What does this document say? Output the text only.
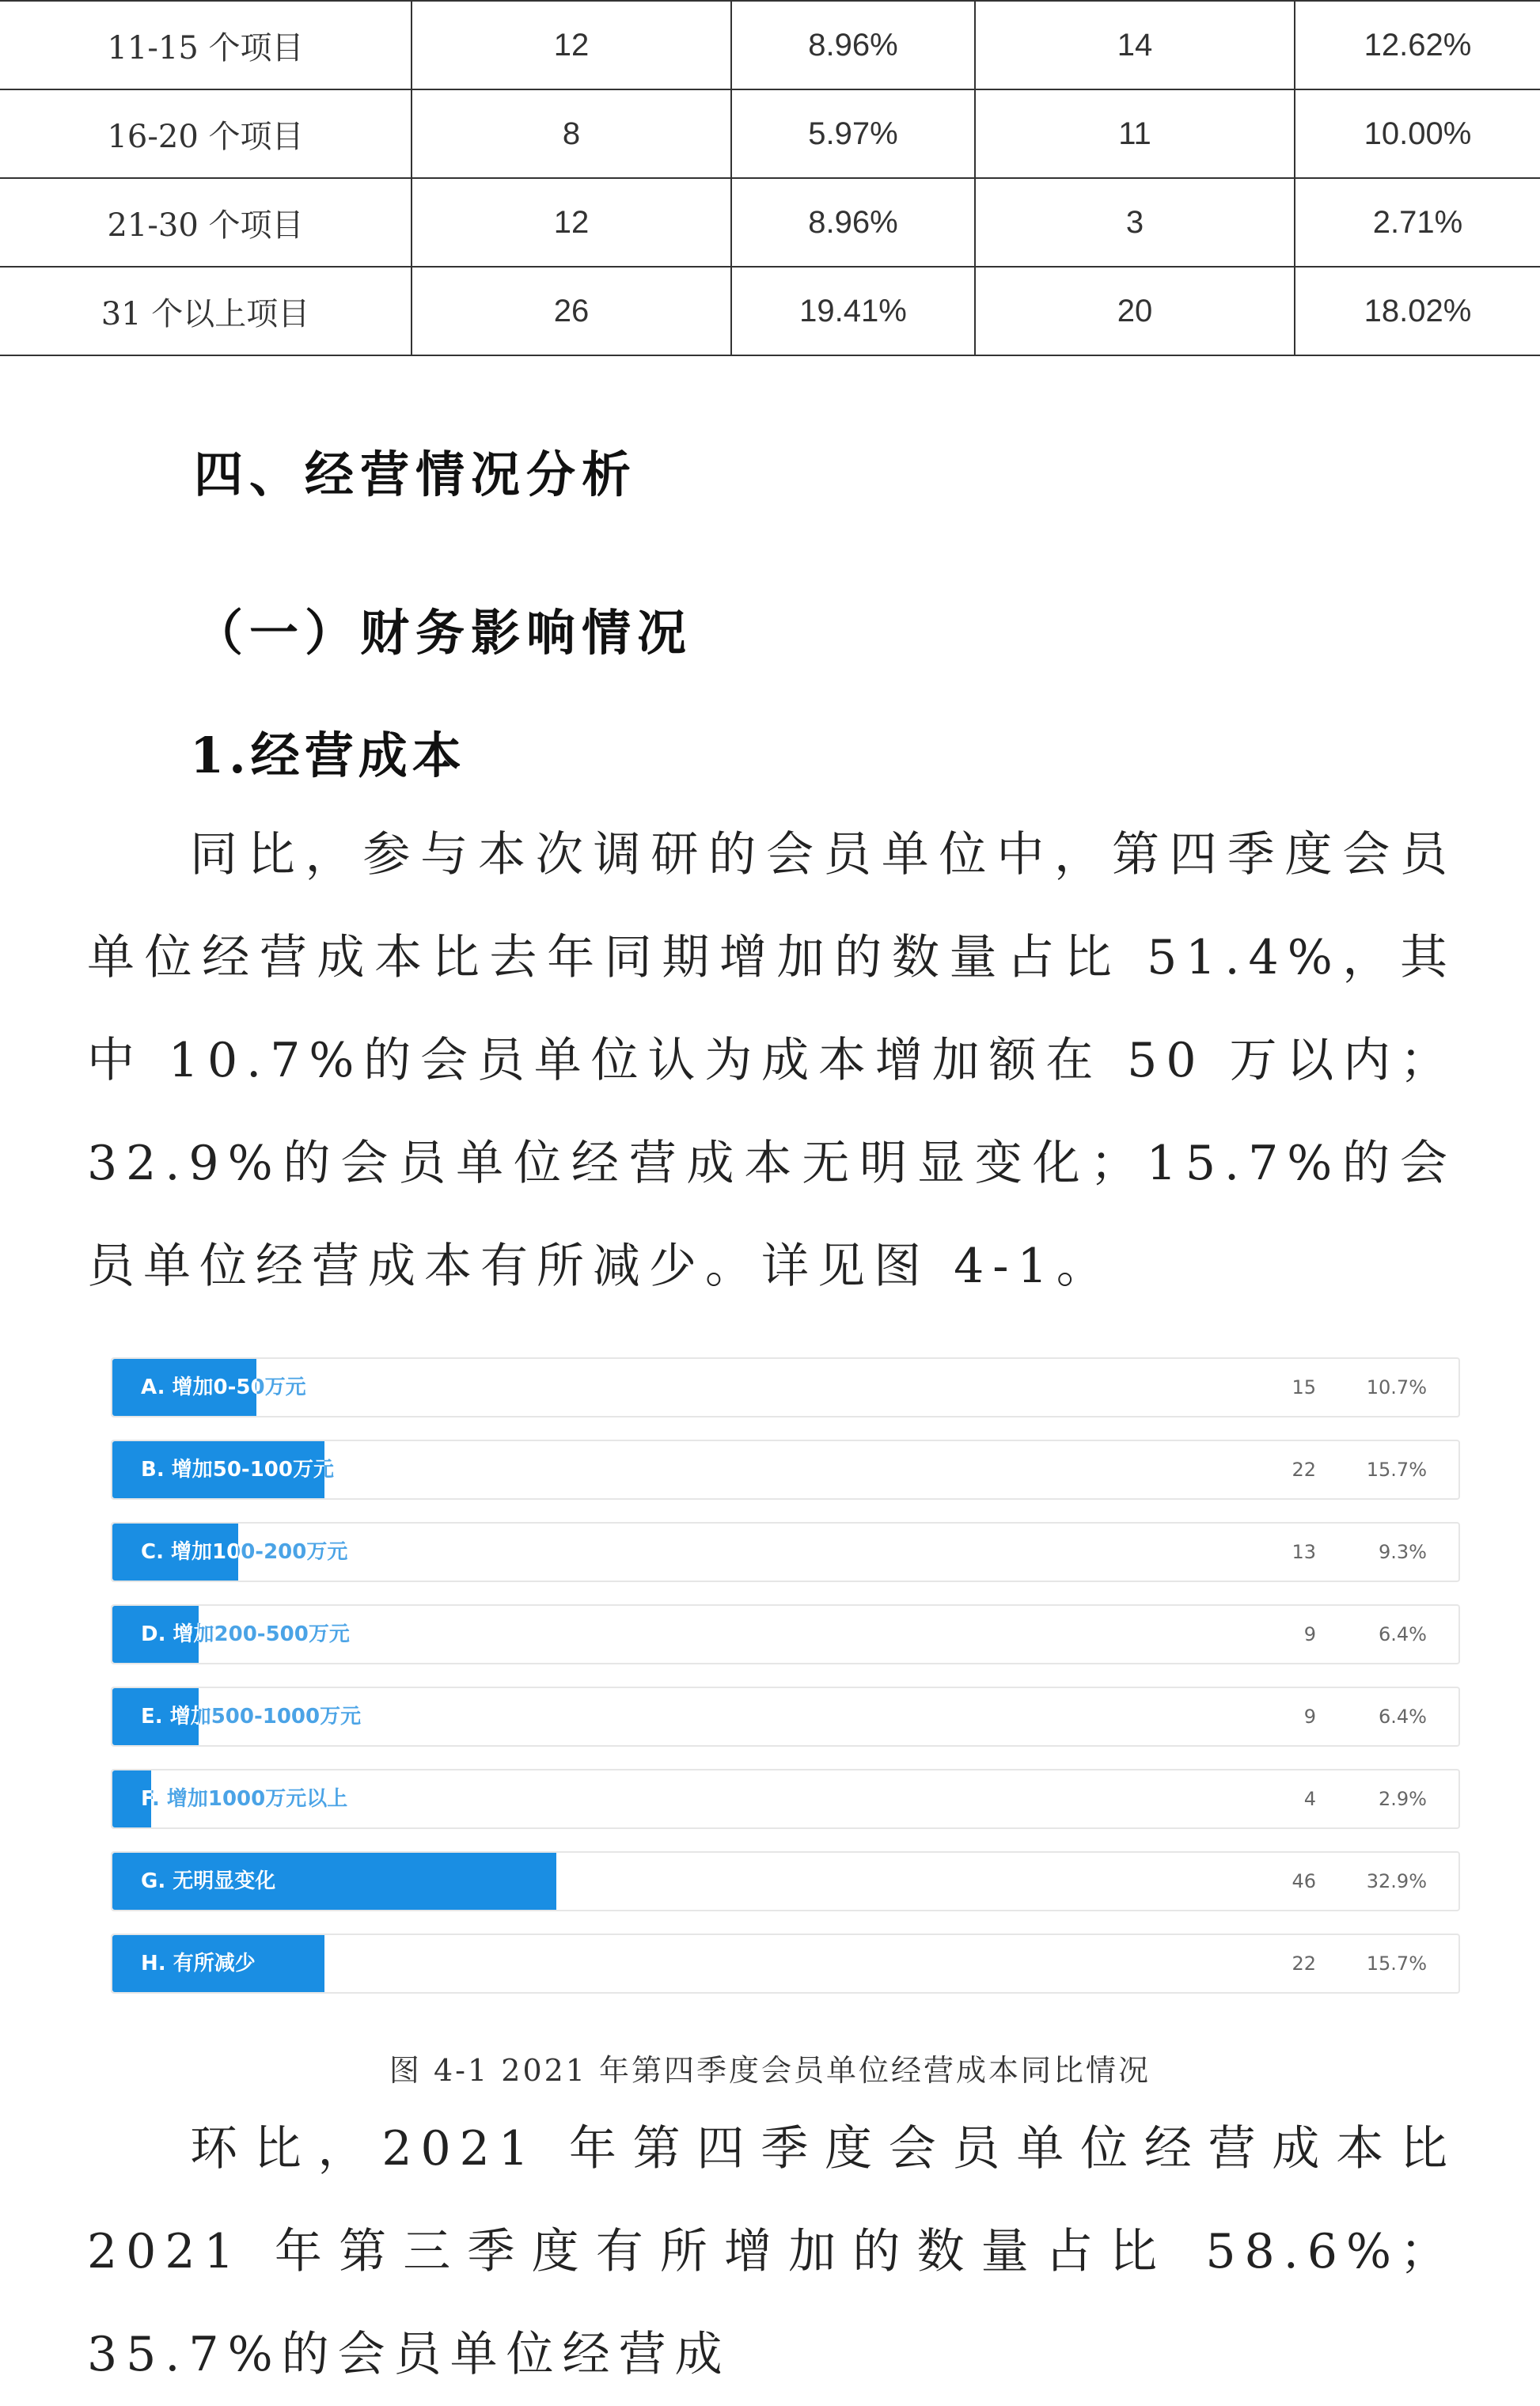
11-15 个项目	12	8.96%	14	12.62%
16-20 个项目	8	5.97%	11	10.00%
21-30 个项目	12	8.96%	3	2.71%
31 个以上项目	26	19.41%	20	18.02%
四、经营情况分析
（一）财务影响情况
1.经营成本

同比，参与本次调研的会员单位中，第四季度会员单位经营成本比去年同期增加的数量占比 51.4%，其中 10.7%的会员单位认为成本增加额在 50 万以内；32.9%的会员单位经营成本无明显变化；15.7%的会员单位经营成本有所减少。详见图 4-1。

A. 增加0-50万元	15	10.7%
B. 增加50-100万元	22	15.7%
C. 增加100-200万元	13	9.3%
D. 增加200-500万元	9	6.4%
E. 增加500-1000万元	9	6.4%
F. 增加1000万元以上	4	2.9%
G. 无明显变化	46	32.9%
H. 有所减少	22	15.7%

图 4-1 2021 年第四季度会员单位经营成本同比情况

环比，2021 年第四季度会员单位经营成本比 2021 年第三季度有所增加的数量占比 58.6%；35.7%的会员单位经营成
